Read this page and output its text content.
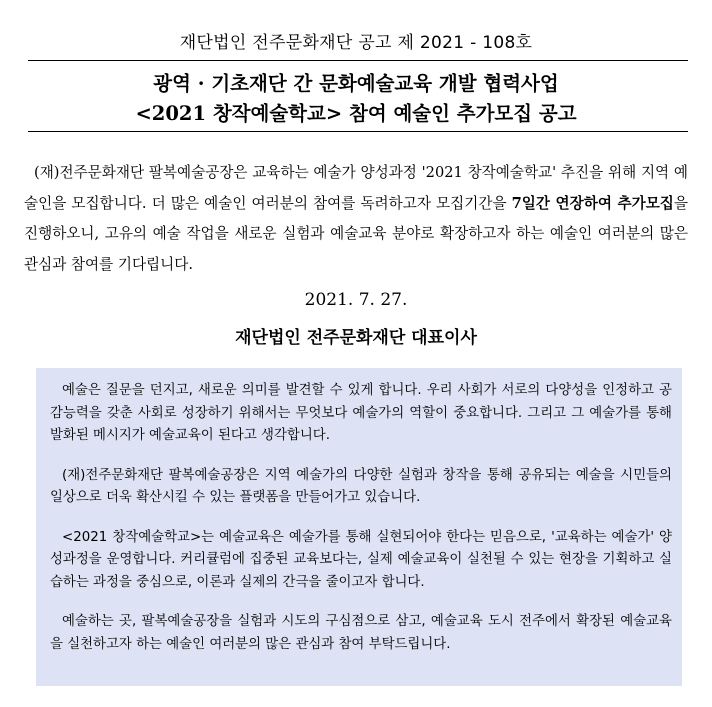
재단법인 전주문화재단 공고 제 2021 - 108호
광역 · 기초재단 간 문화예술교육 개발 협력사업
<2021 창작예술학교> 참여 예술인 추가모집 공고
(재)전주문화재단 팔복예술공장은 교육하는 예술가 양성과정 '2021 창작예술학교' 추진을 위해 지역 예술인을 모집합니다. 더 많은 예술인 여러분의 참여를 독려하고자 모집기간을 7일간 연장하여 추가모집을 진행하오니, 고유의 예술 작업을 새로운 실험과 예술교육 분야로 확장하고자 하는 예술인 여러분의 많은 관심과 참여를 기다립니다.
2021. 7. 27.
재단법인 전주문화재단 대표이사

예술은 질문을 던지고, 새로운 의미를 발견할 수 있게 합니다. 우리 사회가 서로의 다양성을 인정하고 공감능력을 갖춘 사회로 성장하기 위해서는 무엇보다 예술가의 역할이 중요합니다. 그리고 그 예술가를 통해 발화된 메시지가 예술교육이 된다고 생각합니다.

(재)전주문화재단 팔복예술공장은 지역 예술가의 다양한 실험과 창작을 통해 공유되는 예술을 시민들의 일상으로 더욱 확산시킬 수 있는 플랫폼을 만들어가고 있습니다.

<2021 창작예술학교>는 예술교육은 예술가를 통해 실현되어야 한다는 믿음으로, '교육하는 예술가' 양성과정을 운영합니다. 커리큘럼에 집중된 교육보다는, 실제 예술교육이 실천될 수 있는 현장을 기획하고 실습하는 과정을 중심으로, 이론과 실제의 간극을 줄이고자 합니다.

예술하는 곳, 팔복예술공장을 실험과 시도의 구심점으로 삼고, 예술교육 도시 전주에서 확장된 예술교육을 실천하고자 하는 예술인 여러분의 많은 관심과 참여 부탁드립니다.
